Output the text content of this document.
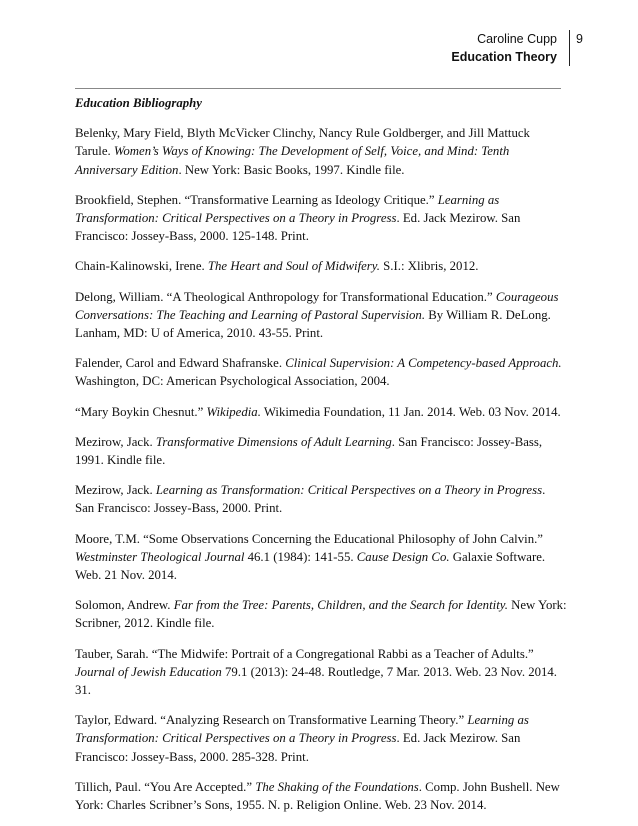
Caroline Cupp
Education Theory
9

Education Bibliography

Belenky, Mary Field, Blyth McVicker Clinchy, Nancy Rule Goldberger, and Jill Mattuck Tarule. Women’s Ways of Knowing: The Development of Self, Voice, and Mind: Tenth Anniversary Edition. New York: Basic Books, 1997. Kindle file.

Brookfield, Stephen. “Transformative Learning as Ideology Critique.” Learning as Transformation: Critical Perspectives on a Theory in Progress. Ed. Jack Mezirow. San Francisco: Jossey-Bass, 2000. 125-148. Print.

Chain-Kalinowski, Irene. The Heart and Soul of Midwifery. S.I.: Xlibris, 2012.

Delong, William. “A Theological Anthropology for Transformational Education.” Courageous Conversations: The Teaching and Learning of Pastoral Supervision. By William R. DeLong. Lanham, MD: U of America, 2010. 43-55. Print.

Falender, Carol and Edward Shafranske. Clinical Supervision: A Competency-based Approach. Washington, DC: American Psychological Association, 2004.

“Mary Boykin Chesnut.” Wikipedia. Wikimedia Foundation, 11 Jan. 2014. Web. 03 Nov. 2014.

Mezirow, Jack. Transformative Dimensions of Adult Learning. San Francisco: Jossey-Bass, 1991. Kindle file.

Mezirow, Jack. Learning as Transformation: Critical Perspectives on a Theory in Progress. San Francisco: Jossey-Bass, 2000. Print.

Moore, T.M. “Some Observations Concerning the Educational Philosophy of John Calvin.” Westminster Theological Journal 46.1 (1984): 141-55. Cause Design Co. Galaxie Software. Web. 21 Nov. 2014.

Solomon, Andrew. Far from the Tree: Parents, Children, and the Search for Identity. New York: Scribner, 2012. Kindle file.

Tauber, Sarah. “The Midwife: Portrait of a Congregational Rabbi as a Teacher of Adults.” Journal of Jewish Education 79.1 (2013): 24-48. Routledge, 7 Mar. 2013. Web. 23 Nov. 2014. 31.

Taylor, Edward. “Analyzing Research on Transformative Learning Theory.” Learning as Transformation: Critical Perspectives on a Theory in Progress. Ed. Jack Mezirow. San Francisco: Jossey-Bass, 2000. 285-328. Print.

Tillich, Paul. “You Are Accepted.” The Shaking of the Foundations. Comp. John Bushell. New York: Charles Scribner’s Sons, 1955. N. p. Religion Online. Web. 23 Nov. 2014.
